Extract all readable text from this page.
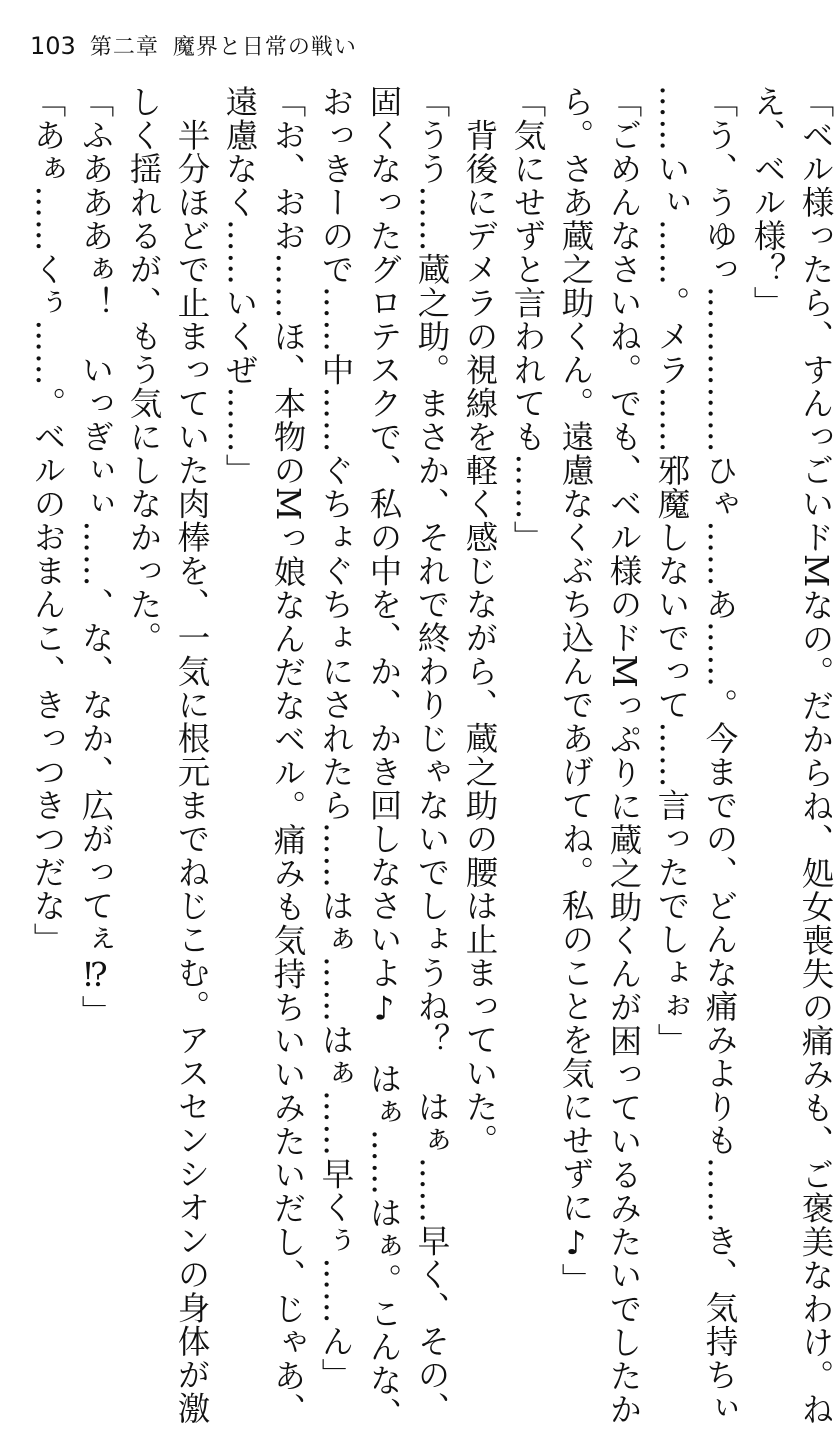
103 第二章 魔界と日常の戦い
「ベル様ったら、すんっごいドMなの。だからね、処女喪失の痛みも、ご褒美なわけ。ね
え、ベル様？」
「う、うゆっ……………ひゃ……あ……。今までの、どんな痛みよりも……き、気持ちぃ
……いぃ……。メラ……邪魔しないでって……言ったでしょぉ」
「ごめんなさいね。でも、ベル様のドMっぷりに蔵之助くんが困っているみたいでしたか
ら。さあ蔵之助くん。遠慮なくぶち込んであげてね。私のことを気にせずに♪」
「気にせずと言われても……」
　背後にデメラの視線を軽く感じながら、蔵之助の腰は止まっていた。
「うう……蔵之助。まさか、それで終わりじゃないでしょうね？　はぁ……早く、その、
固くなったグロテスクで、私の中を、か、かき回しなさいよ♪　はぁ……はぁ。こんな、
おっきーので……中……ぐちょぐちょにされたら……はぁ……はぁ……早くぅ……ん」
「お、おお……ほ、本物のMっ娘なんだなベル。痛みも気持ちいいみたいだし、じゃあ、
遠慮なく……いくぜ……」
　半分ほどで止まっていた肉棒を、一気に根元までねじこむ。アスセンシオンの身体が激
しく揺れるが、もう気にしなかった。
「ふあああぁ！　いっぎぃぃ……、な、なか、広がってぇ⁉」
「あぁ……くぅ……。ベルのおまんこ、きっつきつだな」
